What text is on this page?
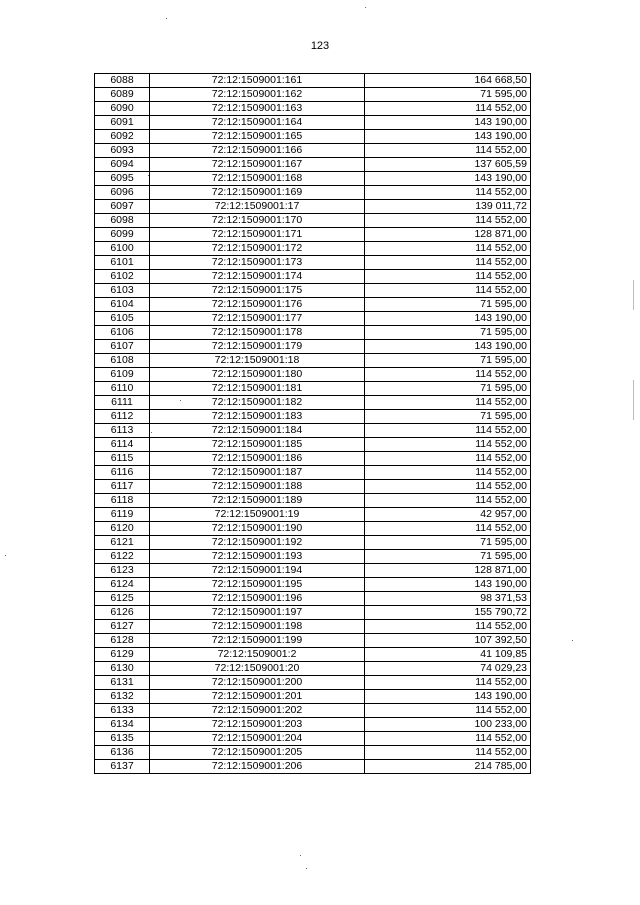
123
6088	72:12:1509001:161	164 668,50
6089	72:12:1509001:162	71 595,00
6090	72:12:1509001:163	114 552,00
6091	72:12:1509001:164	143 190,00
6092	72:12:1509001:165	143 190,00
6093	72:12:1509001:166	114 552,00
6094	72:12:1509001:167	137 605,59
6095	72:12:1509001:168	143 190,00
6096	72:12:1509001:169	114 552,00
6097	72:12:1509001:17	139 011,72
6098	72:12:1509001:170	114 552,00
6099	72:12:1509001:171	128 871,00
6100	72:12:1509001:172	114 552,00
6101	72:12:1509001:173	114 552,00
6102	72:12:1509001:174	114 552,00
6103	72:12:1509001:175	114 552,00
6104	72:12:1509001:176	71 595,00
6105	72:12:1509001:177	143 190,00
6106	72:12:1509001:178	71 595,00
6107	72:12:1509001:179	143 190,00
6108	72:12:1509001:18	71 595,00
6109	72:12:1509001:180	114 552,00
6110	72:12:1509001:181	71 595,00
6111	72:12:1509001:182	114 552,00
6112	72:12:1509001:183	71 595,00
6113	72:12:1509001:184	114 552,00
6114	72:12:1509001:185	114 552,00
6115	72:12:1509001:186	114 552,00
6116	72:12:1509001:187	114 552,00
6117	72:12:1509001:188	114 552,00
6118	72:12:1509001:189	114 552,00
6119	72:12:1509001:19	42 957,00
6120	72:12:1509001:190	114 552,00
6121	72:12:1509001:192	71 595,00
6122	72:12:1509001:193	71 595,00
6123	72:12:1509001:194	128 871,00
6124	72:12:1509001:195	143 190,00
6125	72:12:1509001:196	98 371,53
6126	72:12:1509001:197	155 790,72
6127	72:12:1509001:198	114 552,00
6128	72:12:1509001:199	107 392,50
6129	72:12:1509001:2	41 109,85
6130	72:12:1509001:20	74 029,23
6131	72:12:1509001:200	114 552,00
6132	72:12:1509001:201	143 190,00
6133	72:12:1509001:202	114 552,00
6134	72:12:1509001:203	100 233,00
6135	72:12:1509001:204	114 552,00
6136	72:12:1509001:205	114 552,00
6137	72:12:1509001:206	214 785,00
